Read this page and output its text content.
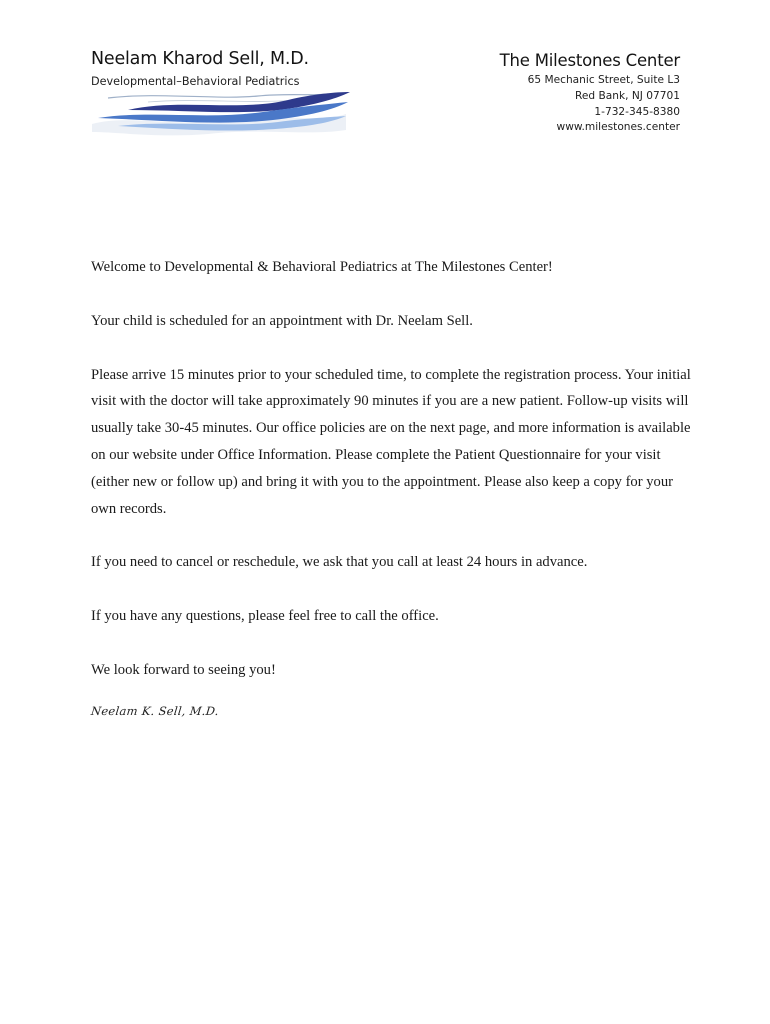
Neelam Kharod Sell, M.D.
Developmental–Behavioral Pediatrics
The Milestones Center
65 Mechanic Street, Suite L3
Red Bank, NJ 07701
1-732-345-8380
www.milestones.center

Welcome to Developmental & Behavioral Pediatrics at The Milestones Center!

Your child is scheduled for an appointment with Dr. Neelam Sell.

Please arrive 15 minutes prior to your scheduled time, to complete the registration process. Your initial visit with the doctor will take approximately 90 minutes if you are a new patient. Follow-up visits will usually take 30-45 minutes. Our office policies are on the next page, and more information is available on our website under Office Information. Please complete the Patient Questionnaire for your visit (either new or follow up) and bring it with you to the appointment. Please also keep a copy for your own records.

If you need to cancel or reschedule, we ask that you call at least 24 hours in advance.

If you have any questions, please feel free to call the office.

We look forward to seeing you!

Neelam K. Sell, M.D.
